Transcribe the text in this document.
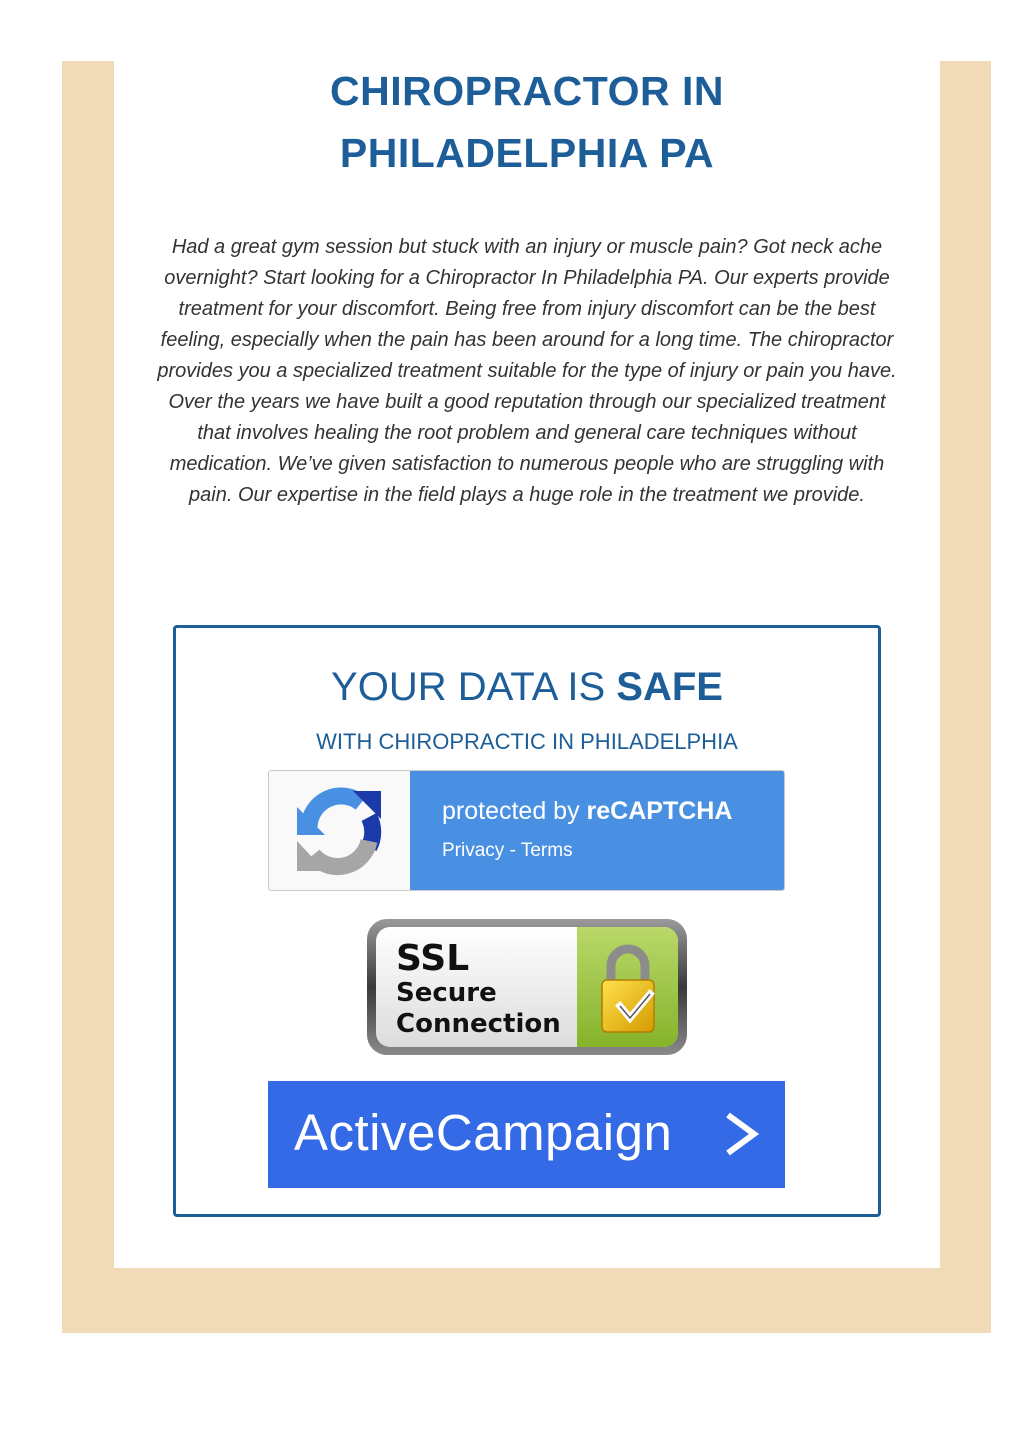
CHIROPRACTOR IN
PHILADELPHIA PA

Had a great gym session but stuck with an injury or muscle pain? Got neck ache overnight? Start looking for a Chiropractor In Philadelphia PA. Our experts provide treatment for your discomfort. Being free from injury discomfort can be the best feeling, especially when the pain has been around for a long time. The chiropractor provides you a specialized treatment suitable for the type of injury or pain you have. Over the years we have built a good reputation through our specialized treatment that involves healing the root problem and general care techniques without medication. We’ve given satisfaction to numerous people who are struggling with pain. Our expertise in the field plays a huge role in the treatment we provide.

YOUR DATA IS SAFE
WITH CHIROPRACTIC IN PHILADELPHIA
protected by reCAPTCHA
Privacy - Terms
SSL
Secure
Connection
ActiveCampaign
